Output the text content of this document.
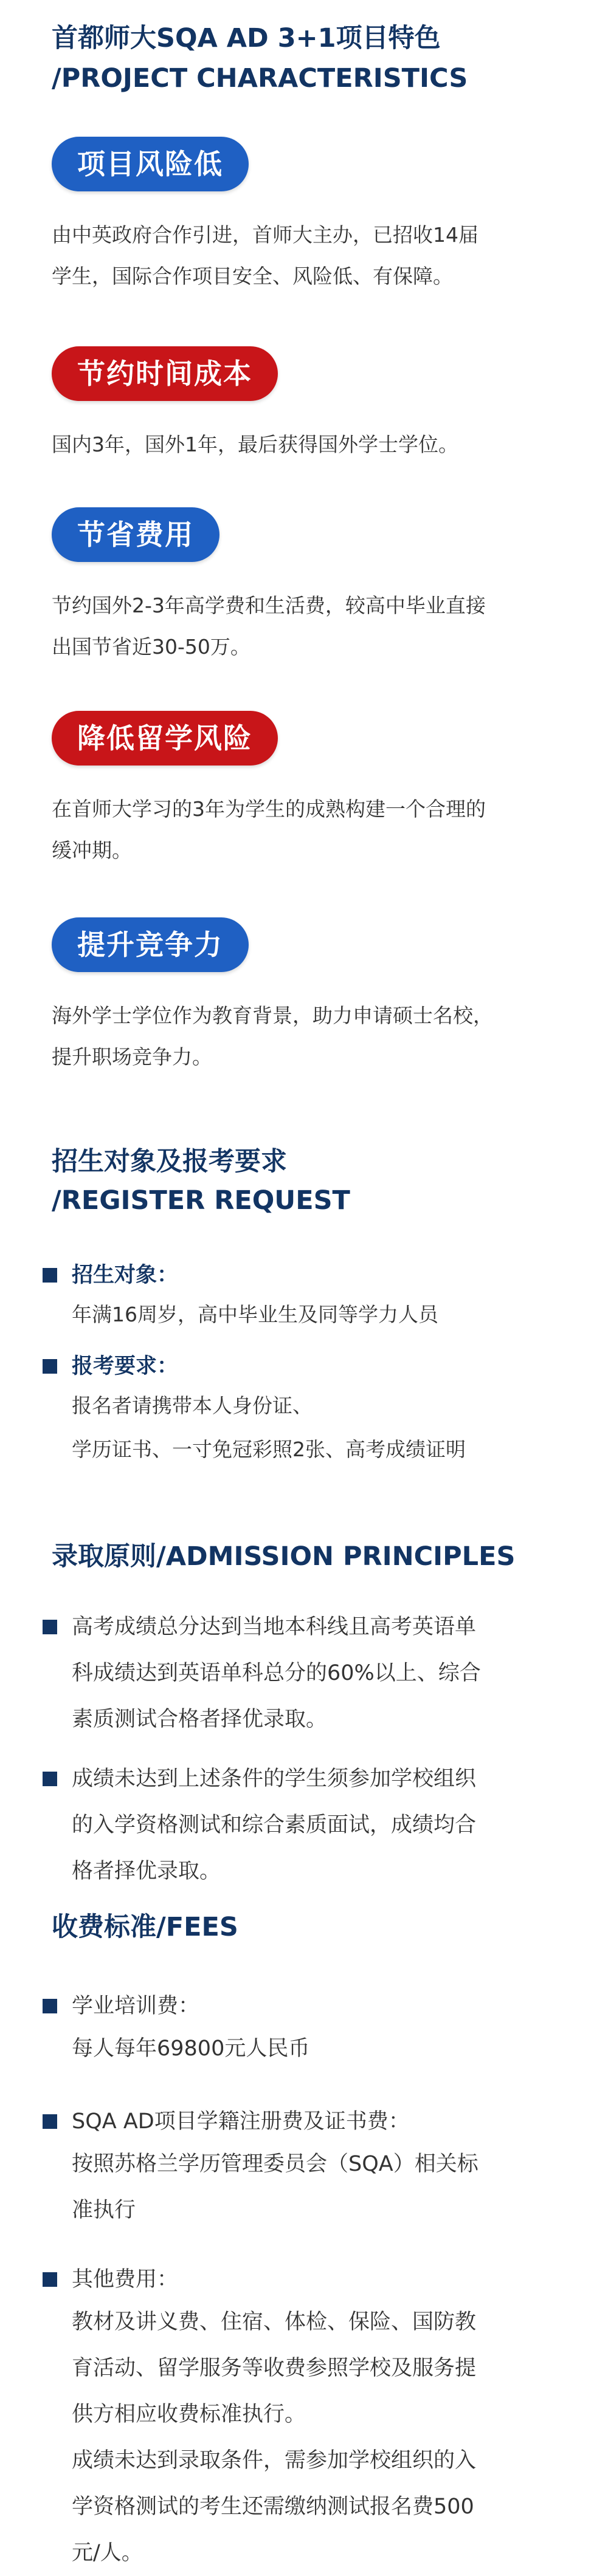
首都师大SQA AD 3+1项目特色
/PROJECT CHARACTERISTICS
项目风险低
由中英政府合作引进，首师大主办，已招收14届
学生，国际合作项目安全、风险低、有保障。
节约时间成本
国内3年，国外1年，最后获得国外学士学位。
节省费用
节约国外2-3年高学费和生活费，较高中毕业直接
出国节省近30-50万。
降低留学风险
在首师大学习的3年为学生的成熟构建一个合理的
缓冲期。
提升竞争力
海外学士学位作为教育背景，助力申请硕士名校，
提升职场竞争力。
招生对象及报考要求
/REGISTER REQUEST
招生对象：
年满16周岁，高中毕业生及同等学力人员
报考要求：
报名者请携带本人身份证、
学历证书、一寸免冠彩照2张、高考成绩证明
录取原则/ADMISSION PRINCIPLES
高考成绩总分达到当地本科线且高考英语单
科成绩达到英语单科总分的60%以上、综合
素质测试合格者择优录取。
成绩未达到上述条件的学生须参加学校组织
的入学资格测试和综合素质面试，成绩均合
格者择优录取。
收费标准/FEES
学业培训费：
每人每年69800元人民币
SQA AD项目学籍注册费及证书费：
按照苏格兰学历管理委员会（SQA）相关标
准执行
其他费用：
教材及讲义费、住宿、体检、保险、国防教
育活动、留学服务等收费参照学校及服务提
供方相应收费标准执行。
成绩未达到录取条件，需参加学校组织的入
学资格测试的考生还需缴纳测试报名费500
元/人。
